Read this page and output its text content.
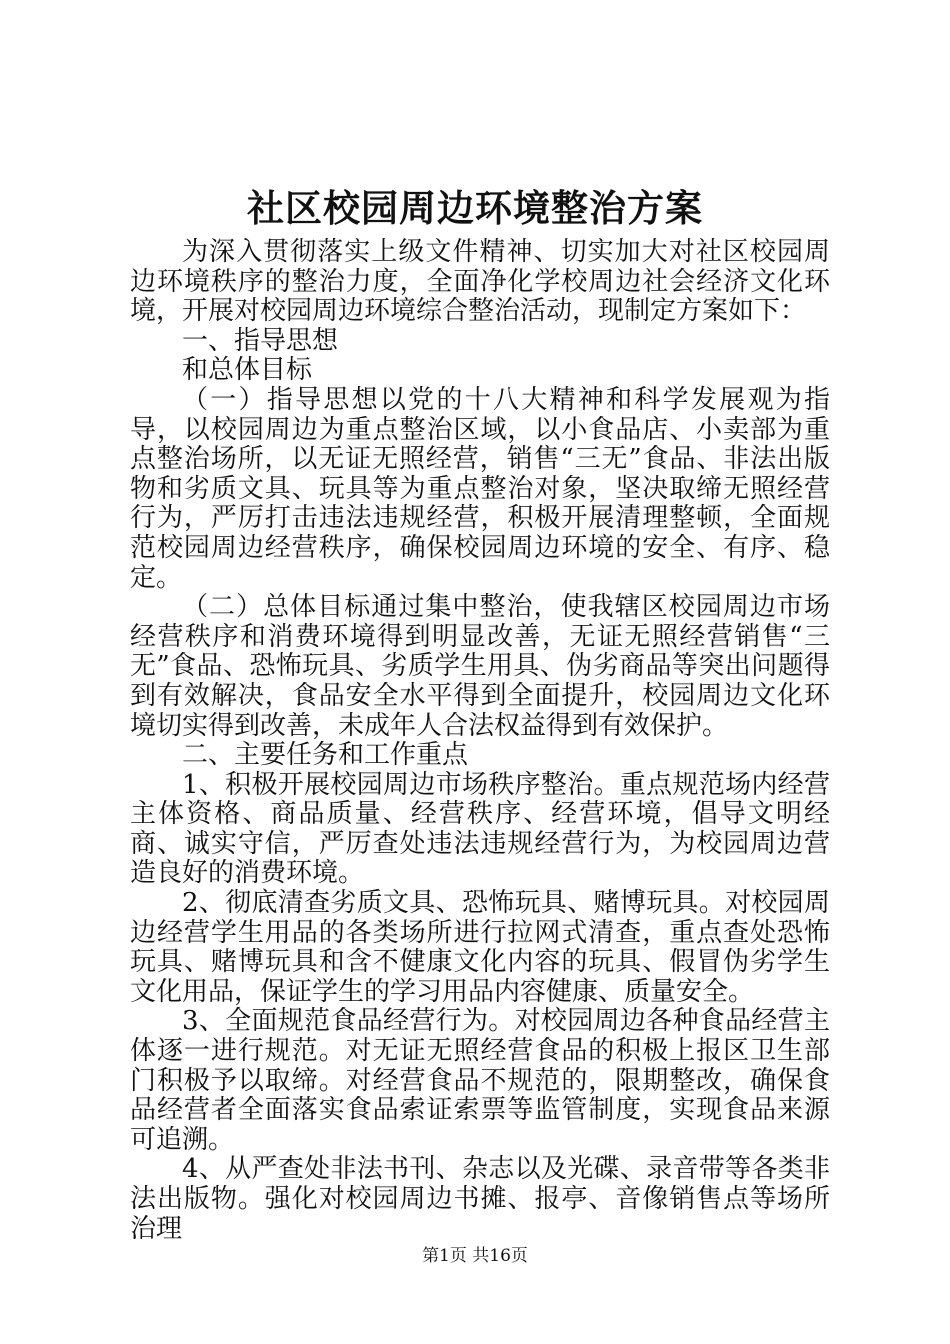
社区校园周边环境整治方案

为深入贯彻落实上级文件精神、切实加大对社区校园周边环境秩序的整治力度，全面净化学校周边社会经济文化环境，开展对校园周边环境综合整治活动，现制定方案如下：

一、指导思想

和总体目标

（一）指导思想以党的十八大精神和科学发展观为指导，以校园周边为重点整治区域，以小食品店、小卖部为重点整治场所，以无证无照经营，销售“三无”食品、非法出版物和劣质文具、玩具等为重点整治对象，坚决取缔无照经营行为，严厉打击违法违规经营，积极开展清理整顿，全面规范校园周边经营秩序，确保校园周边环境的安全、有序、稳定。

（二）总体目标通过集中整治，使我辖区校园周边市场经营秩序和消费环境得到明显改善，无证无照经营销售“三无”食品、恐怖玩具、劣质学生用具、伪劣商品等突出问题得到有效解决，食品安全水平得到全面提升，校园周边文化环境切实得到改善，未成年人合法权益得到有效保护。

二、主要任务和工作重点

1、积极开展校园周边市场秩序整治。重点规范场内经营主体资格、商品质量、经营秩序、经营环境，倡导文明经商、诚实守信，严厉查处违法违规经营行为，为校园周边营造良好的消费环境。

2、彻底清查劣质文具、恐怖玩具、赌博玩具。对校园周边经营学生用品的各类场所进行拉网式清查，重点查处恐怖玩具、赌博玩具和含不健康文化内容的玩具、假冒伪劣学生文化用品，保证学生的学习用品内容健康、质量安全。

3、全面规范食品经营行为。对校园周边各种食品经营主体逐一进行规范。对无证无照经营食品的积极上报区卫生部门积极予以取缔。对经营食品不规范的，限期整改，确保食品经营者全面落实食品索证索票等监管制度，实现食品来源可追溯。

4、从严查处非法书刊、杂志以及光碟、录音带等各类非法出版物。强化对校园周边书摊、报亭、音像销售点等场所治理

第1页 共16页
